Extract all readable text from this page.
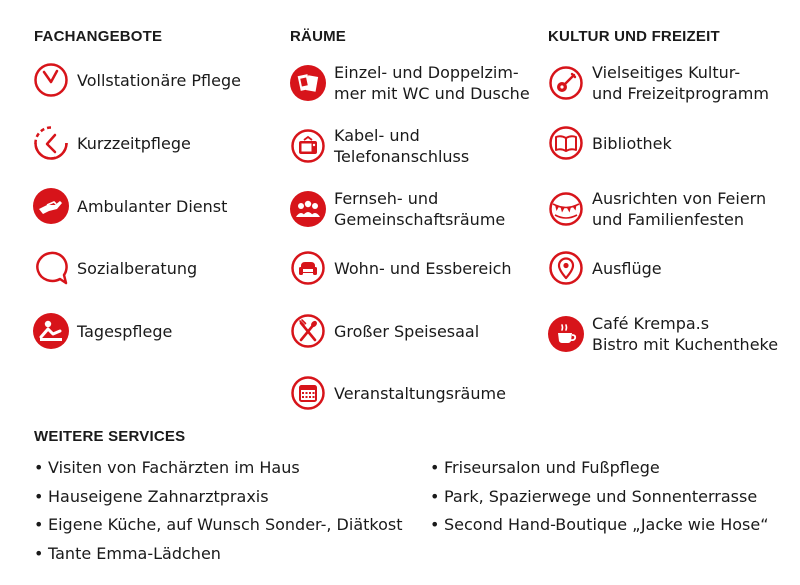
FACHANGEBOTE
Vollstationäre Pflege
Kurzzeitpflege
Ambulanter Dienst
Sozialberatung
Tagespflege
RÄUME
Einzel- und Doppelzim-
mer mit WC und Dusche
Kabel- und
Telefonanschluss
Fernseh- und
Gemeinschaftsräume
Wohn- und Essbereich
Großer Speisesaal
Veranstaltungsräume
KULTUR UND FREIZEIT
Vielseitiges Kultur-
und Freizeitprogramm
Bibliothek
Ausrichten von Feiern
und Familienfesten
Ausflüge
Café Krempa.s
Bistro mit Kuchentheke
WEITERE SERVICES
• Visiten von Fachärzten im Haus
• Hauseigene Zahnarztpraxis
• Eigene Küche, auf Wunsch Sonder-, Diätkost
• Tante Emma-Lädchen
• Friseursalon und Fußpflege
• Park, Spazierwege und Sonnenterrasse
• Second Hand-Boutique „Jacke wie Hose“
